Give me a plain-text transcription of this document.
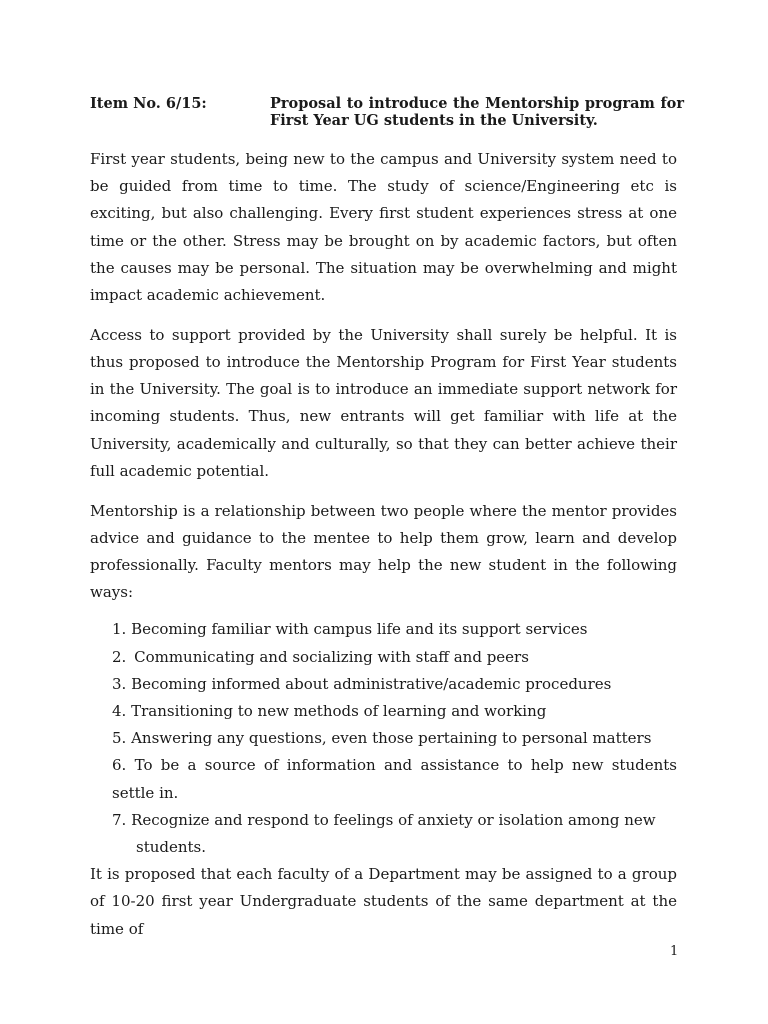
Item No. 6/15:	Proposal to introduce the Mentorship program for First Year UG students in the University.

First year students, being new to the campus and University system need to be guided from time to time. The study of science/Engineering etc is exciting, but also challenging. Every first student experiences stress at one time or the other. Stress may be brought on by academic factors, but often the causes may be personal. The situation may be overwhelming and might impact academic achievement.

Access to support provided by the University shall surely be helpful. It is thus proposed to introduce the Mentorship Program for First Year students in the University. The goal is to introduce an immediate support network for incoming students. Thus, new entrants will get familiar with life at the University, academically and culturally, so that they can better achieve their full academic potential.

Mentorship is a relationship between two people where the mentor provides advice and guidance to the mentee to help them grow, learn and develop professionally. Faculty mentors may help the new student in the following ways:

1. Becoming familiar with campus life and its support services
2. Communicating and socializing with staff and peers
3. Becoming informed about administrative/academic procedures
4. Transitioning to new methods of learning and working
5. Answering any questions, even those pertaining to personal matters
6. To be a source of information and assistance to help new students settle in.
7. Recognize and respond to feelings of anxiety or isolation among new
students.

It is proposed that each faculty of a Department may be assigned to a group of 10-20 first year Undergraduate students of the same department at the time of

1
